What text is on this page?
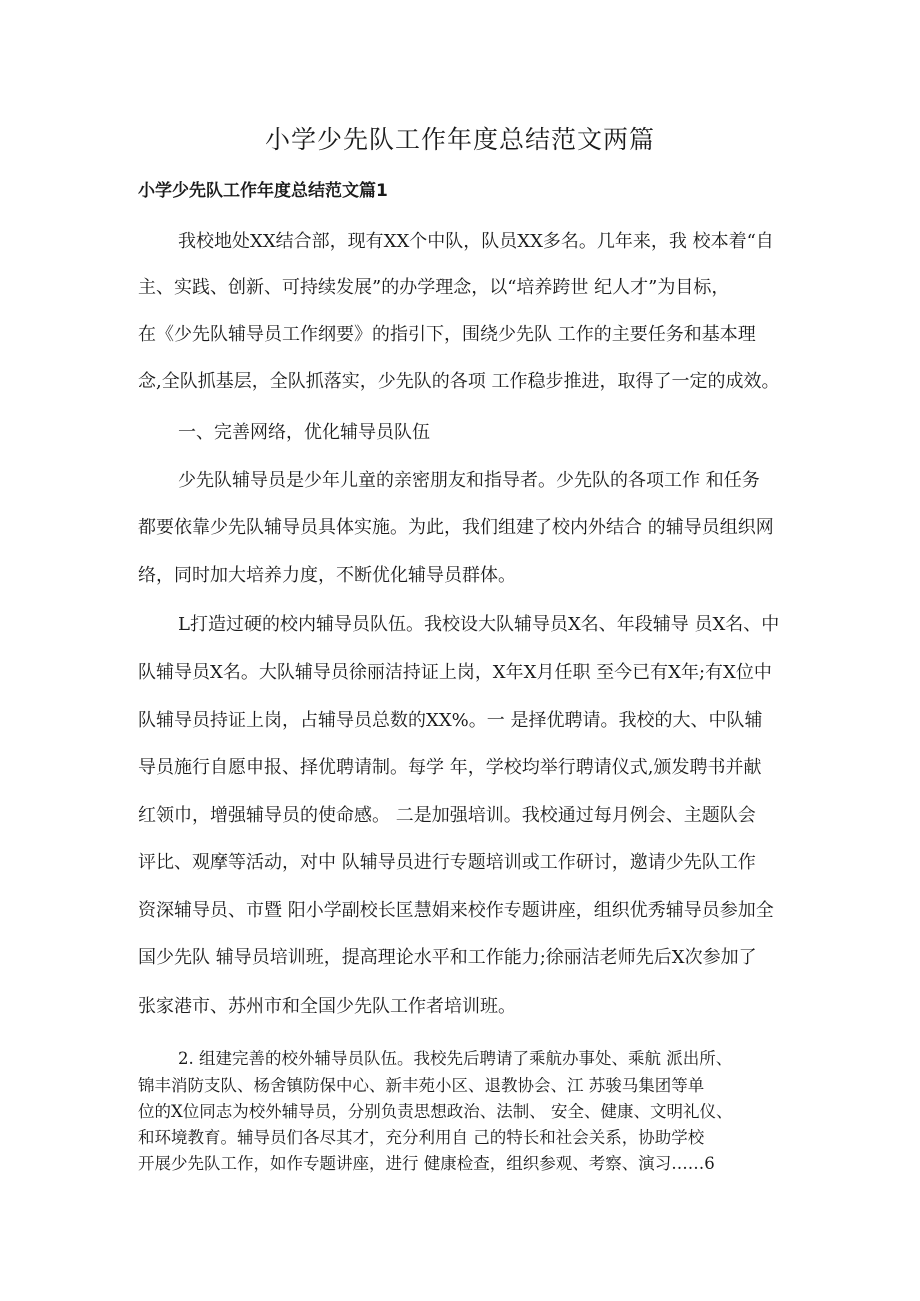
小学少先队工作年度总结范文两篇
小学少先队工作年度总结范文篇1
我校地处XX结合部，现有XX个中队，队员XX多名。几年来，我 校本着“自
主、实践、创新、可持续发展”的办学理念，以“培养跨世 纪人才”为目标，
在《少先队辅导员工作纲要》的指引下，围绕少先队 工作的主要任务和基本理
念,全队抓基层，全队抓落实，少先队的各项 工作稳步推进，取得了一定的成效。
一、完善网络，优化辅导员队伍
少先队辅导员是少年儿童的亲密朋友和指导者。少先队的各项工作 和任务
都要依靠少先队辅导员具体实施。为此，我们组建了校内外结合 的辅导员组织网
络，同时加大培养力度，不断优化辅导员群体。
L打造过硬的校内辅导员队伍。我校设大队辅导员X名、年段辅导 员X名、中
队辅导员X名。大队辅导员徐丽洁持证上岗，X年X月任职 至今已有X年;有X位中
队辅导员持证上岗，占辅导员总数的XX%。一 是择优聘请。我校的大、中队辅
导员施行自愿申报、择优聘请制。每学 年，学校均举行聘请仪式,颁发聘书并献
红领巾，增强辅导员的使命感。 二是加强培训。我校通过每月例会、主题队会
评比、观摩等活动，对中 队辅导员进行专题培训或工作研讨，邀请少先队工作
资深辅导员、市暨 阳小学副校长匡慧娟来校作专题讲座，组织优秀辅导员参加全
国少先队 辅导员培训班，提高理论水平和工作能力;徐丽洁老师先后X次参加了
张家港市、苏州市和全国少先队工作者培训班。
2. 组建完善的校外辅导员队伍。我校先后聘请了乘航办事处、乘航 派出所、
锦丰消防支队、杨舍镇防保中心、新丰苑小区、退教协会、江 苏骏马集团等单
位的X位同志为校外辅导员，分别负责思想政治、法制、 安全、健康、文明礼仪、
和环境教育。辅导员们各尽其才，充分利用自 己的特长和社会关系，协助学校
开展少先队工作，如作专题讲座，进行 健康检查，组织参观、考察、演习……6
